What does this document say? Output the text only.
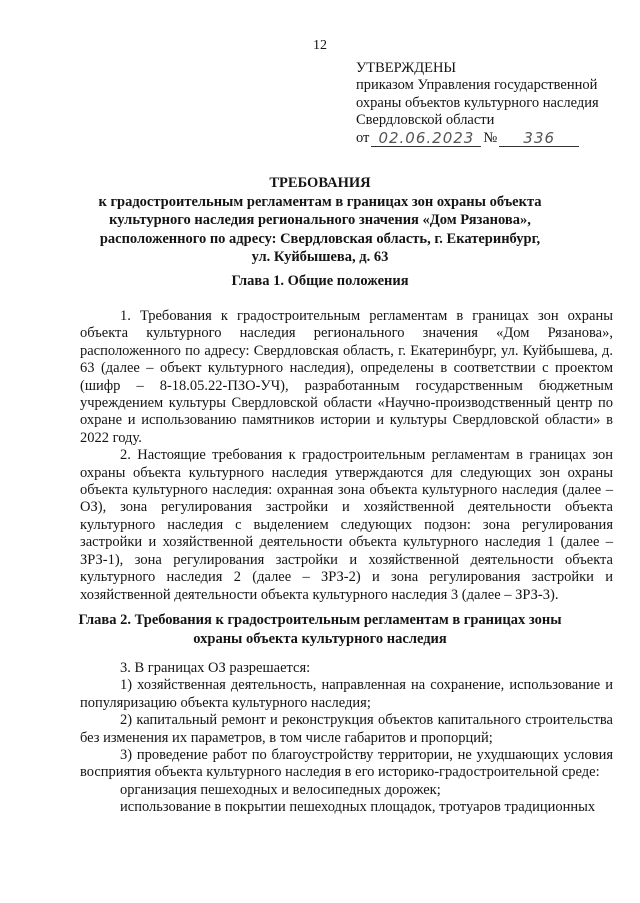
12
УТВЕРЖДЕНЫ
приказом Управления государственной
охраны объектов культурного наследия
Свердловской области
от 02.06.2023 №	336
ТРЕБОВАНИЯ
к градостроительным регламентам в границах зон охраны объекта
культурного наследия регионального значения «Дом Рязанова»,
расположенного по адресу: Свердловская область, г. Екатеринбург,
ул. Куйбышева, д. 63
Глава 1. Общие положения

1. Требования к градостроительным регламентам в границах зон охраны объекта культурного наследия регионального значения «Дом Рязанова», расположенного по адресу: Свердловская область, г. Екатеринбург, ул. Куйбышева, д. 63 (далее – объект культурного наследия), определены в соответствии с проектом (шифр – 8-18.05.22-ПЗО-УЧ), разработанным государственным бюджетным учреждением культуры Свердловской области «Научно-производственный центр по охране и использованию памятников истории и культуры Свердловской области» в 2022 году.

2. Настоящие требования к градостроительным регламентам в границах зон охраны объекта культурного наследия утверждаются для следующих зон охраны объекта культурного наследия: охранная зона объекта культурного наследия (далее – ОЗ), зона регулирования застройки и хозяйственной деятельности объекта культурного наследия с выделением следующих подзон: зона регулирования застройки и хозяйственной деятельности объекта культурного наследия 1 (далее – ЗРЗ-1), зона регулирования застройки и хозяйственной деятельности объекта культурного наследия 2 (далее – ЗРЗ-2) и зона регулирования застройки и хозяйственной деятельности объекта культурного наследия 3 (далее – ЗРЗ-3).

Глава 2. Требования к градостроительным регламентам в границах зоны
охраны объекта культурного наследия

3. В границах ОЗ разрешается:

1) хозяйственная деятельность, направленная на сохранение, использование и популяризацию объекта культурного наследия;

2) капитальный ремонт и реконструкция объектов капитального строительства без изменения их параметров, в том числе габаритов и пропорций;

3) проведение работ по благоустройству территории, не ухудшающих условия восприятия объекта культурного наследия в его историко-градостроительной среде:

организация пешеходных и велосипедных дорожек;

использование в покрытии пешеходных площадок, тротуаров традиционных
